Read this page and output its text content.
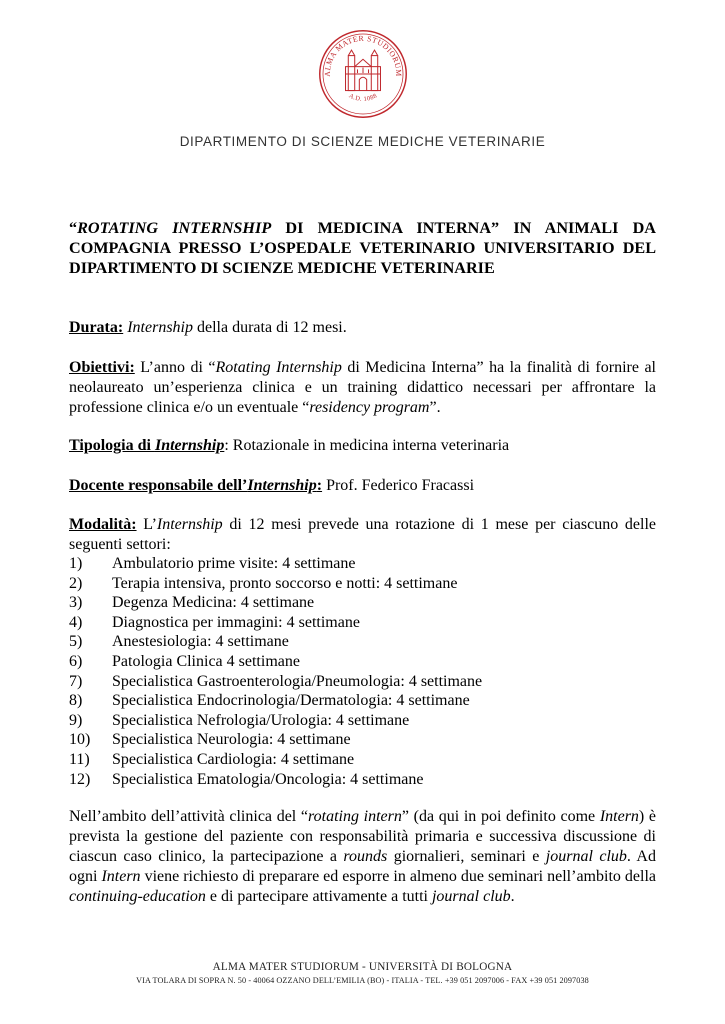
ALMA MATER STUDIORUM
A.D. 1088
DIPARTIMENTO DI SCIENZE MEDICHE VETERINARIE
“ROTATING INTERNSHIP DI MEDICINA INTERNA” IN ANIMALI DA COMPAGNIA PRESSO L’OSPEDALE VETERINARIO UNIVERSITARIO DEL DIPARTIMENTO DI SCIENZE MEDICHE VETERINARIE
Durata: Internship della durata di 12 mesi.
Obiettivi: L’anno di “Rotating Internship di Medicina Interna” ha la finalità di fornire al neolaureato un’esperienza clinica e un training didattico necessari per affrontare la professione clinica e/o un eventuale “residency program”.
Tipologia di Internship: Rotazionale in medicina interna veterinaria
Docente responsabile dell’Internship: Prof. Federico Fracassi
Modalità: L’Internship di 12 mesi prevede una rotazione di 1 mese per ciascuno delle seguenti settori:
1)	Ambulatorio prime visite: 4 settimane
2)	Terapia intensiva, pronto soccorso e notti: 4 settimane
3)	Degenza Medicina: 4 settimane
4)	Diagnostica per immagini: 4 settimane
5)	Anestesiologia: 4 settimane
6)	Patologia Clinica 4 settimane
7)	Specialistica Gastroenterologia/Pneumologia: 4 settimane
8)	Specialistica Endocrinologia/Dermatologia: 4 settimane
9)	Specialistica Nefrologia/Urologia: 4 settimane
10)	Specialistica Neurologia: 4 settimane
11)	Specialistica Cardiologia: 4 settimane
12)	Specialistica Ematologia/Oncologia: 4 settimane
Nell’ambito dell’attività clinica del “rotating intern” (da qui in poi definito come Intern) è prevista la gestione del paziente con responsabilità primaria e successiva discussione di ciascun caso clinico, la partecipazione a rounds giornalieri, seminari e journal club. Ad ogni Intern viene richiesto di preparare ed esporre in almeno due seminari nell’ambito della continuing-education e di partecipare attivamente a tutti journal club.
ALMA MATER STUDIORUM - UNIVERSITÀ DI BOLOGNA
VIA TOLARA DI SOPRA N. 50 - 40064 OZZANO DELL’EMILIA (BO) - ITALIA - TEL. +39 051 2097006 - FAX +39 051 2097038
